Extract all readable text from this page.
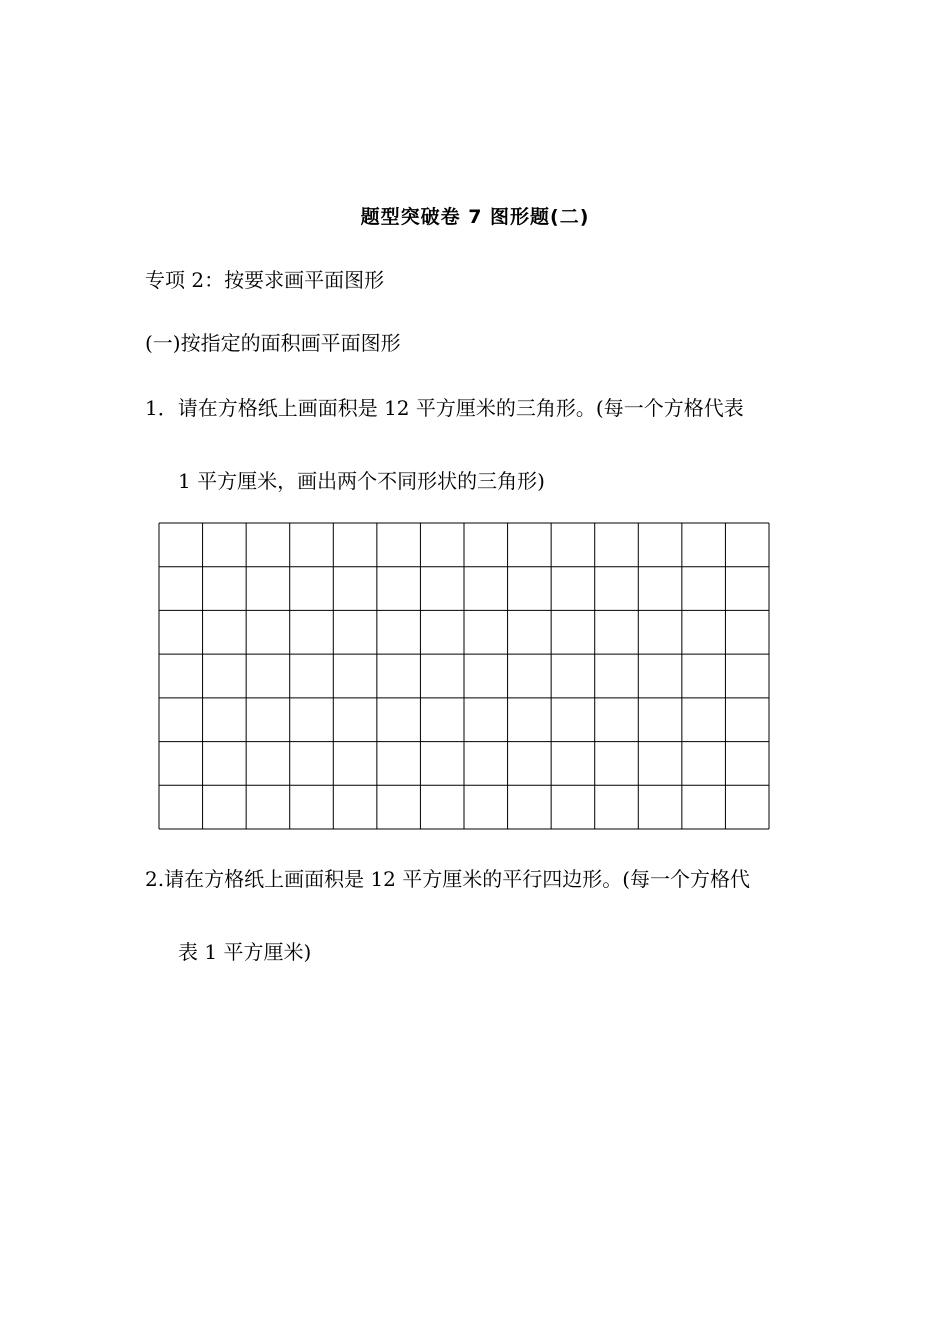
题型突破卷 7 图形题(二)
专项 2：按要求画平面图形
(一)按指定的面积画平面图形
1．请在方格纸上画面积是 12 平方厘米的三角形。(每一个方格代表
1 平方厘米，画出两个不同形状的三角形)
2.请在方格纸上画面积是 12 平方厘米的平行四边形。(每一个方格代
表 1 平方厘米)
